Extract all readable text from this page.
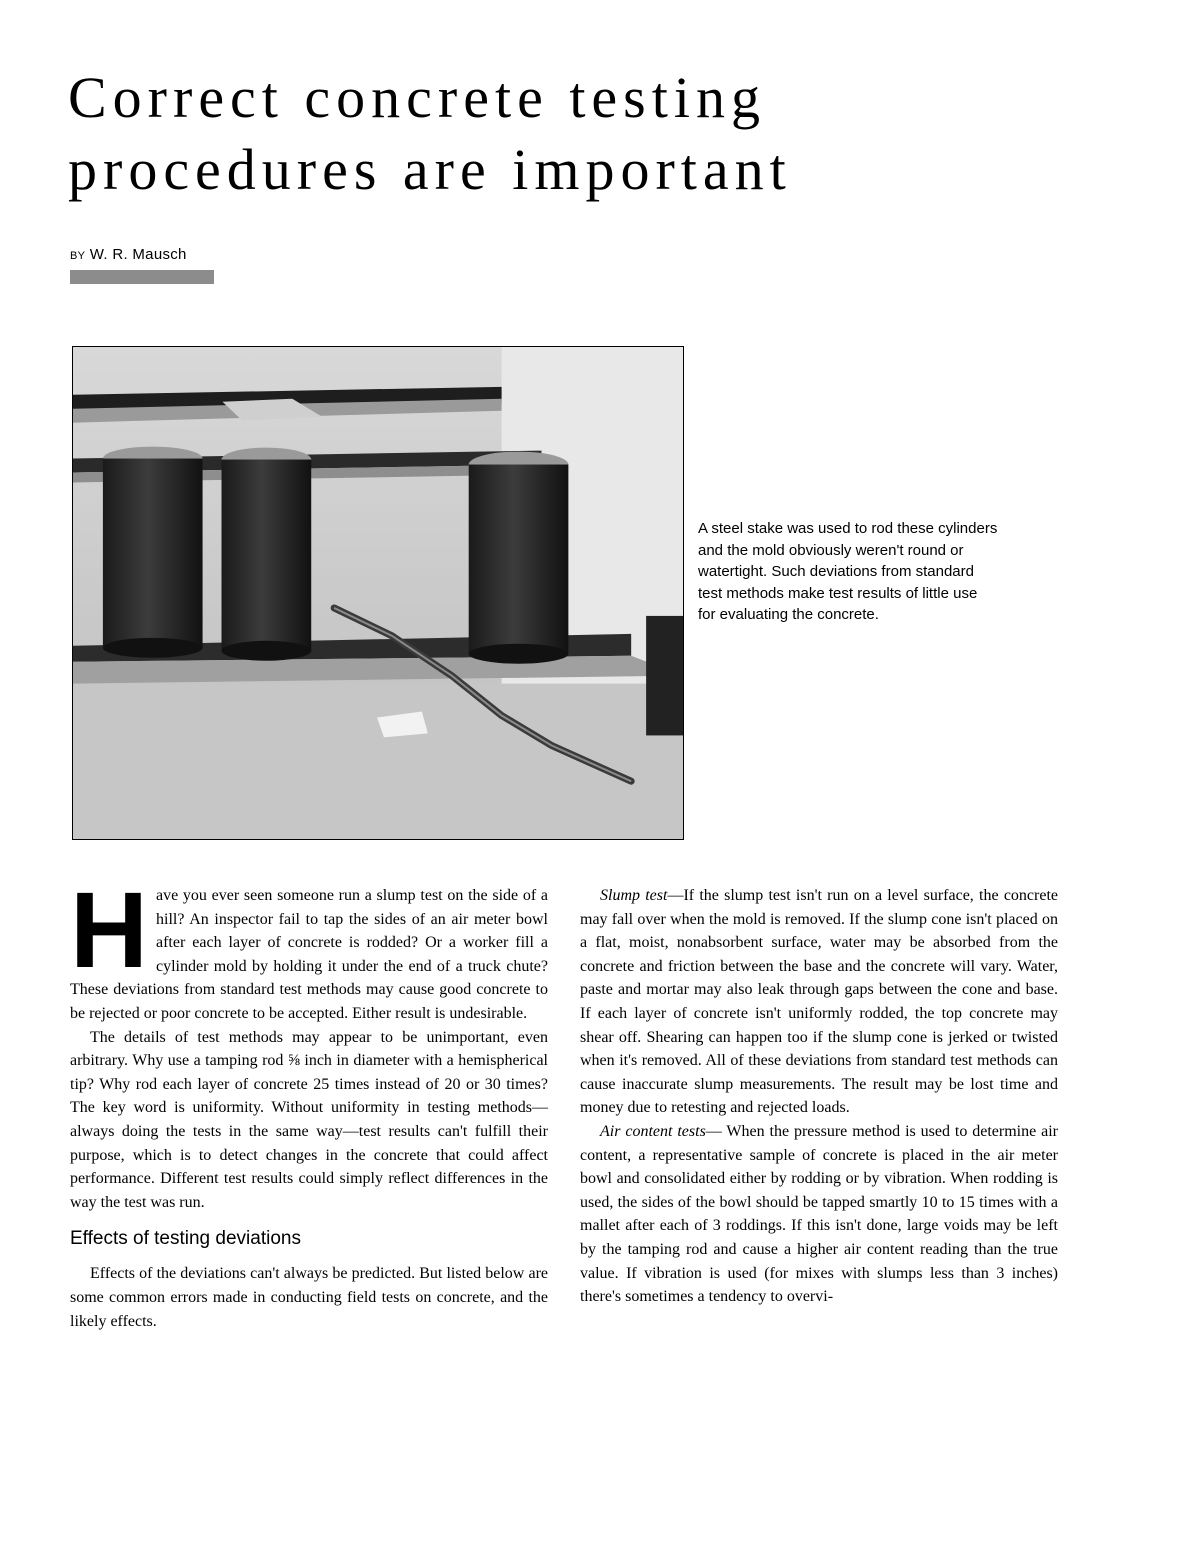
Correct concrete testing
procedures are important
BY W. R. Mausch
A steel stake was used to rod these cylinders and the mold obviously weren't round or watertight. Such deviations from standard test methods make test results of little use for evaluating the concrete.

Have you ever seen someone run a slump test on the side of a hill? An inspector fail to tap the sides of an air meter bowl after each layer of concrete is rodded? Or a worker fill a cylinder mold by holding it under the end of a truck chute? These deviations from standard test methods may cause good concrete to be rejected or poor concrete to be accepted. Either result is undesirable.

The details of test methods may appear to be unimportant, even arbitrary. Why use a tamping rod ⅝ inch in diameter with a hemispherical tip? Why rod each layer of concrete 25 times instead of 20 or 30 times? The key word is uniformity. Without uniformity in testing methods—always doing the tests in the same way—test results can't fulfill their purpose, which is to detect changes in the concrete that could affect performance. Different test results could simply reflect differences in the way the test was run.

Effects of testing deviations

Effects of the deviations can't always be predicted. But listed below are some common errors made in conducting field tests on concrete, and the likely effects.

Slump test—If the slump test isn't run on a level surface, the concrete may fall over when the mold is removed. If the slump cone isn't placed on a flat, moist, nonabsorbent surface, water may be absorbed from the concrete and friction between the base and the concrete will vary. Water, paste and mortar may also leak through gaps between the cone and base. If each layer of concrete isn't uniformly rodded, the top concrete may shear off. Shearing can happen too if the slump cone is jerked or twisted when it's removed. All of these deviations from standard test methods can cause inaccurate slump measurements. The result may be lost time and money due to retesting and rejected loads.

Air content tests— When the pressure method is used to determine air content, a representative sample of concrete is placed in the air meter bowl and consolidated either by rodding or by vibration. When rodding is used, the sides of the bowl should be tapped smartly 10 to 15 times with a mallet after each of 3 roddings. If this isn't done, large voids may be left by the tamping rod and cause a higher air content reading than the true value. If vibration is used (for mixes with slumps less than 3 inches) there's sometimes a tendency to overvi-
